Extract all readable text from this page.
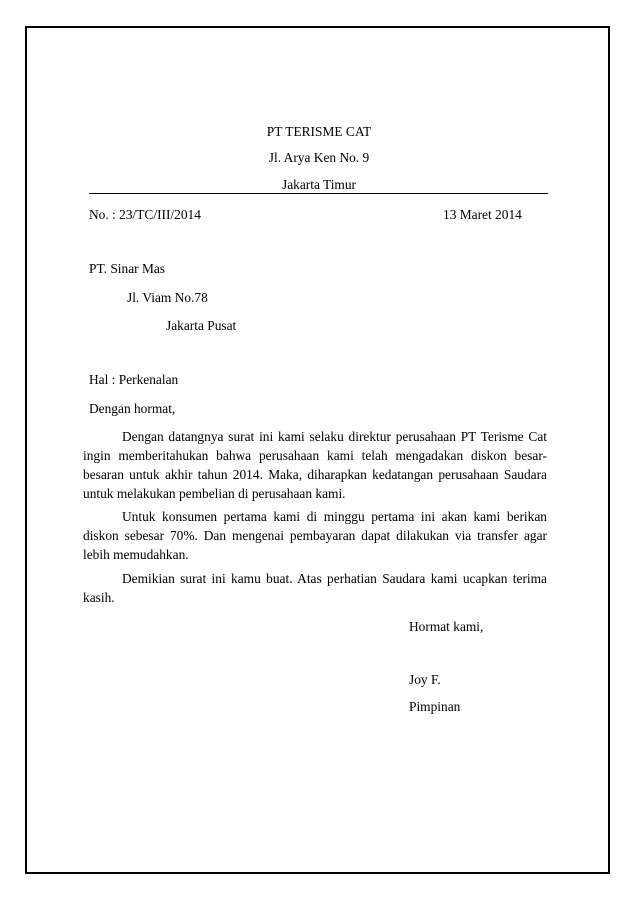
PT TERISME CAT
Jl. Arya Ken No. 9
Jakarta Timur
No. : 23/TC/III/2014	13 Maret 2014
PT. Sinar Mas
Jl. Viam No.78
Jakarta Pusat
Hal : Perkenalan
Dengan hormat,
Dengan datangnya surat ini kami selaku direktur perusahaan PT Terisme Cat ingin memberitahukan bahwa perusahaan kami telah mengadakan diskon besar-besaran untuk akhir tahun 2014. Maka, diharapkan kedatangan perusahaan Saudara untuk melakukan pembelian di perusahaan kami.
Untuk konsumen pertama kami di minggu pertama ini akan kami berikan diskon sebesar 70%. Dan mengenai pembayaran dapat dilakukan via transfer agar lebih memudahkan.
Demikian surat ini kamu buat. Atas perhatian Saudara kami ucapkan terima kasih.
Hormat kami,
Joy F.
Pimpinan
